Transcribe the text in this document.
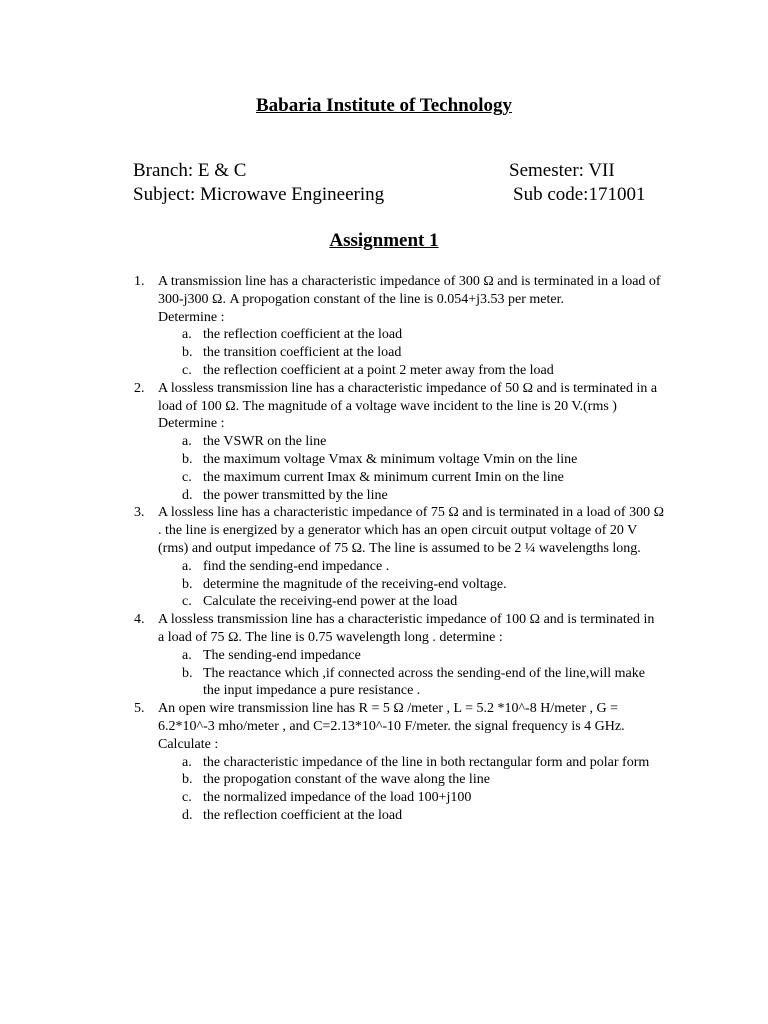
Babaria Institute of Technology
Branch: E & C	Semester: VII
Subject: Microwave Engineering	Sub code:171001
Assignment 1
1. A transmission line has a characteristic impedance of 300 Ω and is terminated in a load of 300-j300 Ω. A propogation constant of the line is 0.054+j3.53 per meter.
Determine :
a. the reflection coefficient at the load
b. the transition coefficient at the load
c. the reflection coefficient at a point 2 meter away from the load
2. A lossless transmission line has a characteristic impedance of 50 Ω and is terminated in a load of 100 Ω. The magnitude of a voltage wave incident to the line is 20 V.(rms )
Determine :
a. the VSWR on the line
b. the maximum voltage Vmax & minimum voltage Vmin on the line
c. the maximum current Imax & minimum current Imin on the line
d. the power transmitted by the line
3. A lossless line has a characteristic impedance of 75 Ω and is terminated in a load of 300 Ω . the line is energized by a generator which has an open circuit output voltage of 20 V (rms) and output impedance of 75 Ω. The line is assumed to be 2 ¼ wavelengths long.
a. find the sending-end impedance .
b. determine the magnitude of the receiving-end voltage.
c. Calculate the receiving-end power at the load
4. A lossless transmission line has a characteristic impedance of 100 Ω and is terminated in a load of 75 Ω. The line is 0.75 wavelength long . determine :
a. The sending-end impedance
b. The reactance which ,if connected across the sending-end of the line,will make the input impedance a pure resistance .
5. An open wire transmission line has R = 5 Ω /meter , L = 5.2 *10^-8 H/meter , G = 6.2*10^-3 mho/meter , and C=2.13*10^-10 F/meter. the signal frequency is 4 GHz. Calculate :
a. the characteristic impedance of the line in both rectangular form and polar form
b. the propogation constant of the wave along the line
c. the normalized impedance of the load 100+j100
d. the reflection coefficient at the load
